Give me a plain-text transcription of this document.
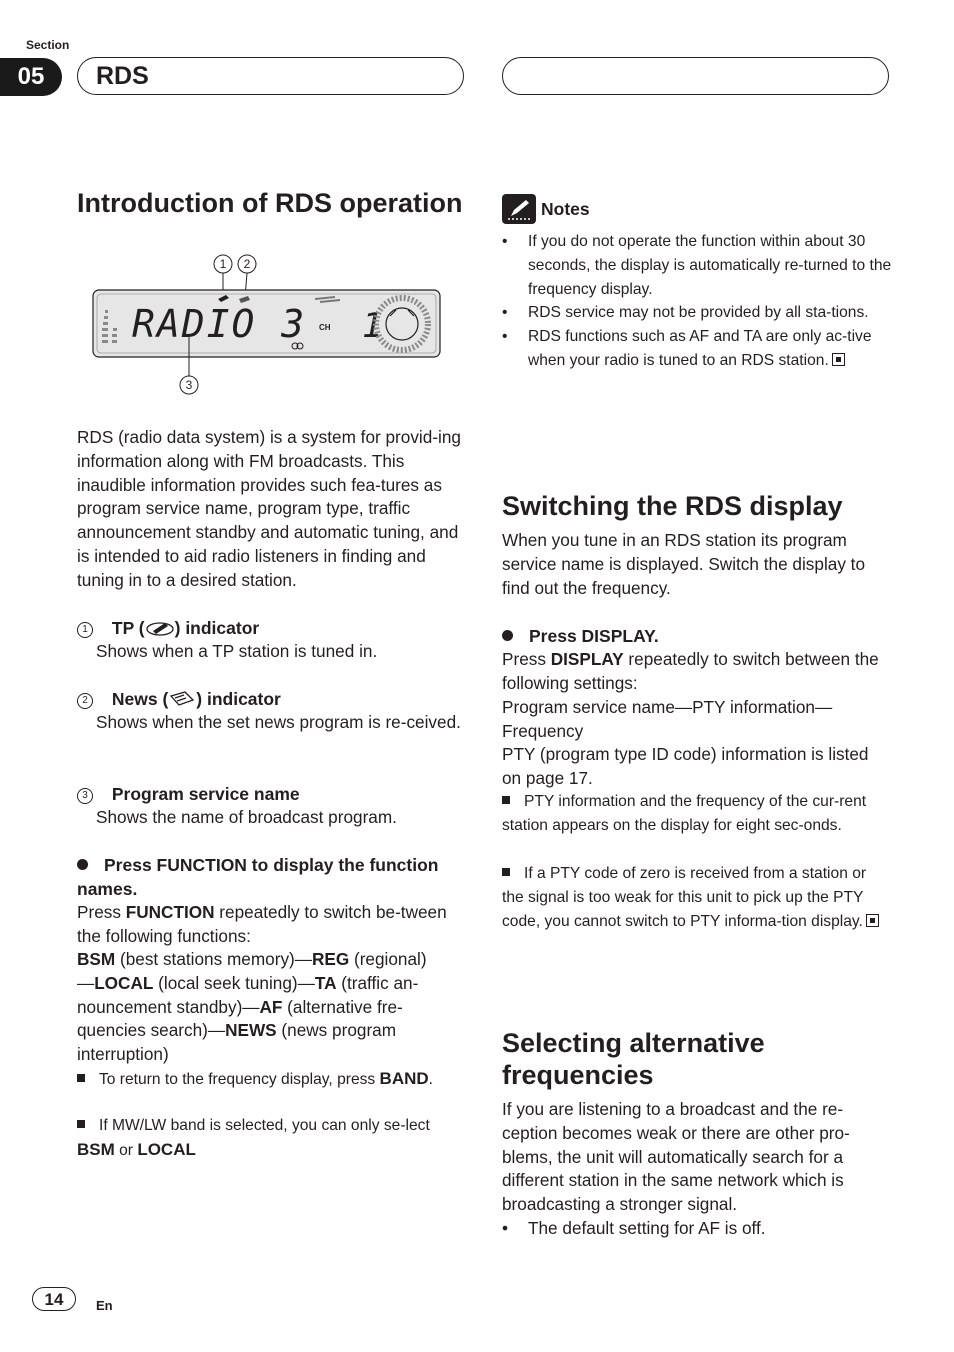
Section
05	RDS
Introduction of RDS operation
1 2
RADIO 3 CH 1
3
RDS (radio data system) is a system for provid-ing information along with FM broadcasts. This inaudible information provides such fea-tures as program service name, program type, traffic announcement standby and automatic tuning, and is intended to aid radio listeners in finding and tuning in to a desired station.
1 TP ( ) indicator
Shows when a TP station is tuned in.
2 News ( ) indicator
Shows when the set news program is re-ceived.
3 Program service name
Shows the name of broadcast program.
Press FUNCTION to display the function names.
Press FUNCTION repeatedly to switch be-tween the following functions:
BSM (best stations memory)—REG (regional)
—LOCAL (local seek tuning)—TA (traffic an-nouncement standby)—AF (alternative fre-quencies search)—NEWS (news program interruption)
To return to the frequency display, press BAND.
If MW/LW band is selected, you can only se-lect BSM or LOCAL
Notes
• If you do not operate the function within about 30 seconds, the display is automatically re-turned to the frequency display.
• RDS service may not be provided by all sta-tions.
• RDS functions such as AF and TA are only ac-tive when your radio is tuned to an RDS station.
Switching the RDS display
When you tune in an RDS station its program service name is displayed. Switch the display to find out the frequency.
Press DISPLAY.
Press DISPLAY repeatedly to switch between the following settings:
Program service name—PTY information—Frequency
PTY (program type ID code) information is listed on page 17.
PTY information and the frequency of the cur-rent station appears on the display for eight sec-onds.
If a PTY code of zero is received from a station or the signal is too weak for this unit to pick up the PTY code, you cannot switch to PTY informa-tion display.
Selecting alternative frequencies
If you are listening to a broadcast and the re-ception becomes weak or there are other pro-blems, the unit will automatically search for a different station in the same network which is broadcasting a stronger signal.
• The default setting for AF is off.
14	En
